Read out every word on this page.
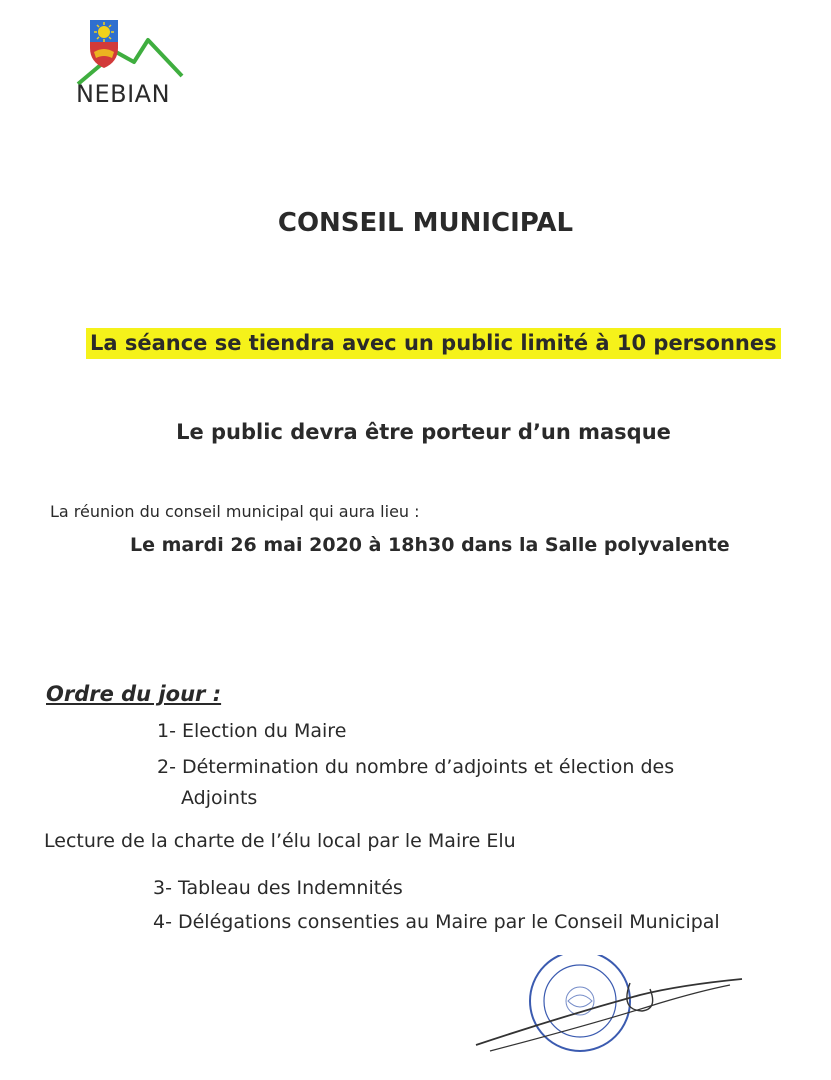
NEBIAN
CONSEIL MUNICIPAL
La séance se tiendra avec un public limité à 10 personnes
Le public devra être porteur d’un masque
La réunion du conseil municipal qui aura lieu :
Le mardi 26 mai 2020 à 18h30 dans la Salle polyvalente
Ordre du jour :
1- Election du Maire
2- Détermination du nombre d’adjoints et élection des
Adjoints
Lecture de la charte de l’élu local par le Maire Elu
3- Tableau des Indemnités
4- Délégations consenties au Maire par le Conseil Municipal
